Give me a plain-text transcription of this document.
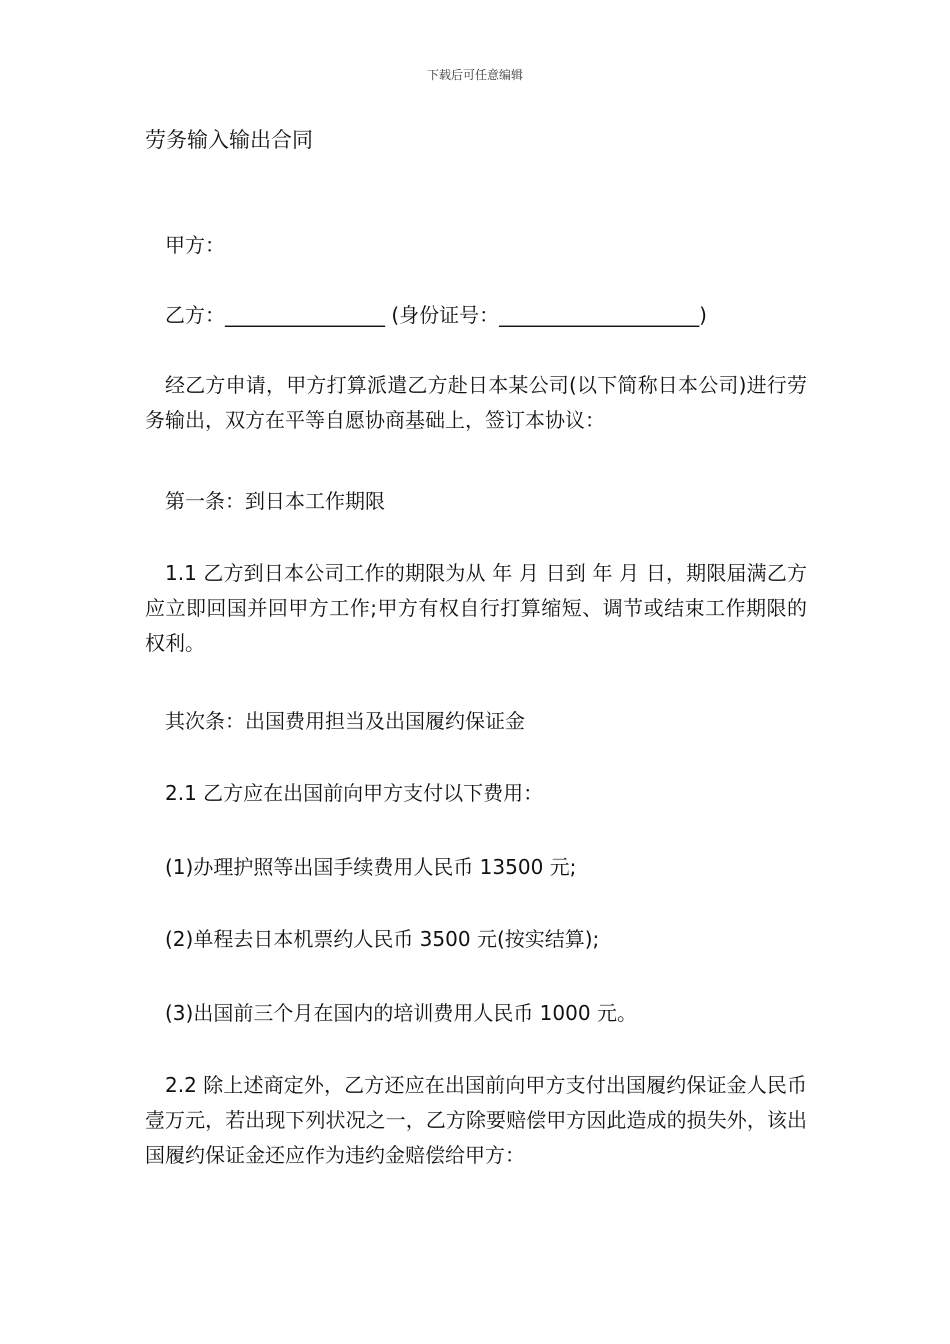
下载后可任意编辑
劳务输入输出合同
甲方：
乙方：________________ (身份证号：____________________)
经乙方申请，甲方打算派遣乙方赴日本某公司(以下简称日本公司)进行劳务输出，双方在平等自愿协商基础上，签订本协议：
第一条：到日本工作期限
1.1 乙方到日本公司工作的期限为从 年 月 日到 年 月 日，期限届满乙方应立即回国并回甲方工作;甲方有权自行打算缩短、调节或结束工作期限的权利。
其次条：出国费用担当及出国履约保证金
2.1 乙方应在出国前向甲方支付以下费用：
(1)办理护照等出国手续费用人民币 13500 元;
(2)单程去日本机票约人民币 3500 元(按实结算);
(3)出国前三个月在国内的培训费用人民币 1000 元。
2.2 除上述商定外，乙方还应在出国前向甲方支付出国履约保证金人民币壹万元，若出现下列状况之一，乙方除要赔偿甲方因此造成的损失外，该出国履约保证金还应作为违约金赔偿给甲方：
